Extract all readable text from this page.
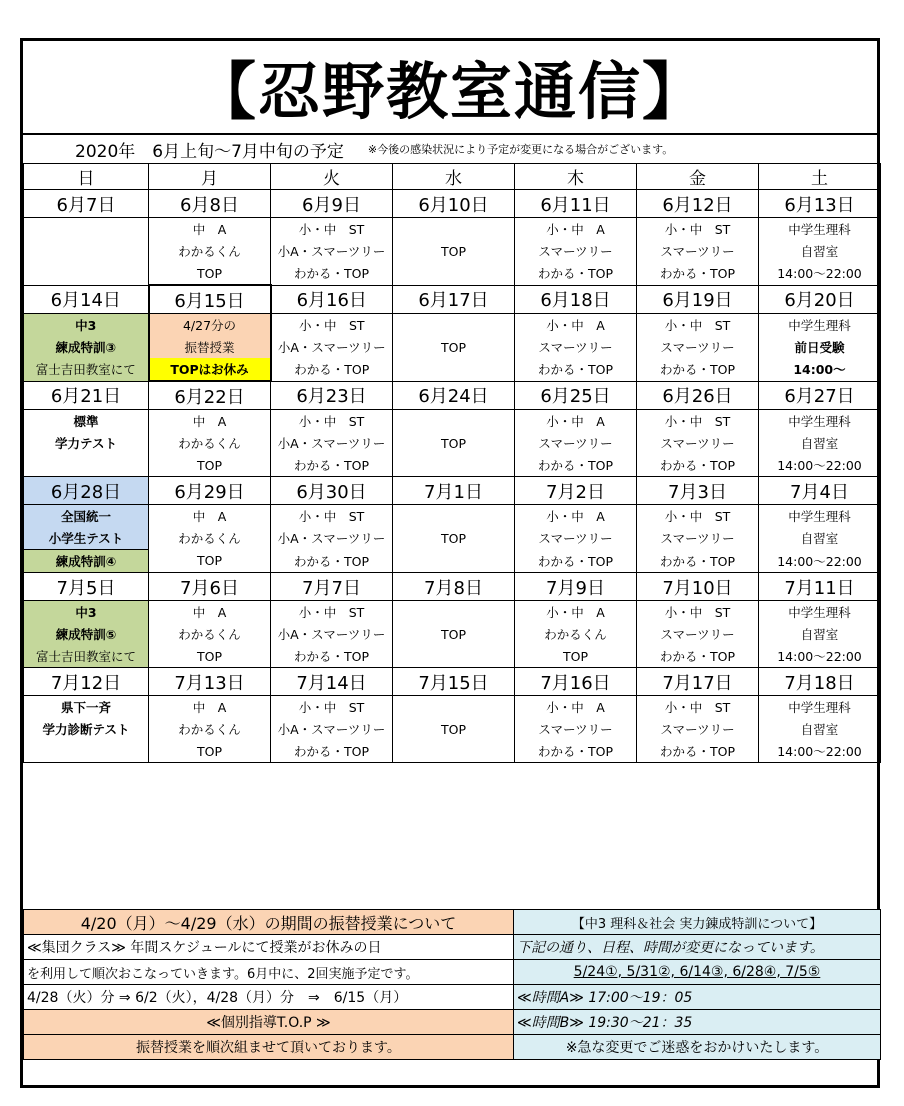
【忍野教室通信】
2020年　6月上旬～7月中旬の予定 ※今後の感染状況により予定が変更になる場合がございます。
日	月	火	水	木	金	土
6月7日	6月8日	6月9日	6月10日	6月11日	6月12日	6月13日
	中　A	小・中　ST	TOP	小・中　A	小・中　ST	中学生理科
	わかるくん	小A・スマーツリー		スマーツリー	スマーツリー	自習室
	TOP	わかる・TOP		わかる・TOP	わかる・TOP	14:00～22:00
6月14日	6月15日	6月16日	6月17日	6月18日	6月19日	6月20日
中3	4/27分の	小・中　ST	TOP	小・中　A	小・中　ST	中学生理科
練成特訓③	振替授業	小A・スマーツリー		スマーツリー	スマーツリー	前日受験
富士吉田教室にて	TOPはお休み	わかる・TOP		わかる・TOP	わかる・TOP	14:00～
6月21日	6月22日	6月23日	6月24日	6月25日	6月26日	6月27日
標準	中　A	小・中　ST	TOP	小・中　A	小・中　ST	中学生理科
学力テスト	わかるくん	小A・スマーツリー		スマーツリー	スマーツリー	自習室
	TOP	わかる・TOP		わかる・TOP	わかる・TOP	14:00～22:00
6月28日	6月29日	6月30日	7月1日	7月2日	7月3日	7月4日
全国統一	中　A	小・中　ST	TOP	小・中　A	小・中　ST	中学生理科
小学生テスト	わかるくん	小A・スマーツリー		スマーツリー	スマーツリー	自習室
練成特訓④	TOP	わかる・TOP		わかる・TOP	わかる・TOP	14:00～22:00
7月5日	7月6日	7月7日	7月8日	7月9日	7月10日	7月11日
中3	中　A	小・中　ST	TOP	小・中　A	小・中　ST	中学生理科
練成特訓⑤	わかるくん	小A・スマーツリー		わかるくん	スマーツリー	自習室
富士吉田教室にて	TOP	わかる・TOP		TOP	わかる・TOP	14:00～22:00
7月12日	7月13日	7月14日	7月15日	7月16日	7月17日	7月18日
県下一斉	中　A	小・中　ST	TOP	小・中　A	小・中　ST	中学生理科
学力診断テスト	わかるくん	小A・スマーツリー		スマーツリー	スマーツリー	自習室
	TOP	わかる・TOP		わかる・TOP	わかる・TOP	14:00～22:00
4/20（月）～4/29（水）の期間の振替授業について	【中3 理科＆社会 実力錬成特訓について】
≪集団クラス≫ 年間スケジュールにて授業がお休みの日	下記の通り、日程、時間が変更になっています。
を利用して順次おこなっていきます。6月中に、2回実施予定です。	5/24①, 5/31②, 6/14③, 6/28④, 7/5⑤
4/28（火）分 ⇒ 6/2（火），4/28（月）分　⇒　6/15（月）	≪時間A≫ 17:00～19：05
≪個別指導T.O.P ≫	≪時間B≫ 19:30～21：35
振替授業を順次組ませて頂いております。	※急な変更でご迷惑をおかけいたします。
